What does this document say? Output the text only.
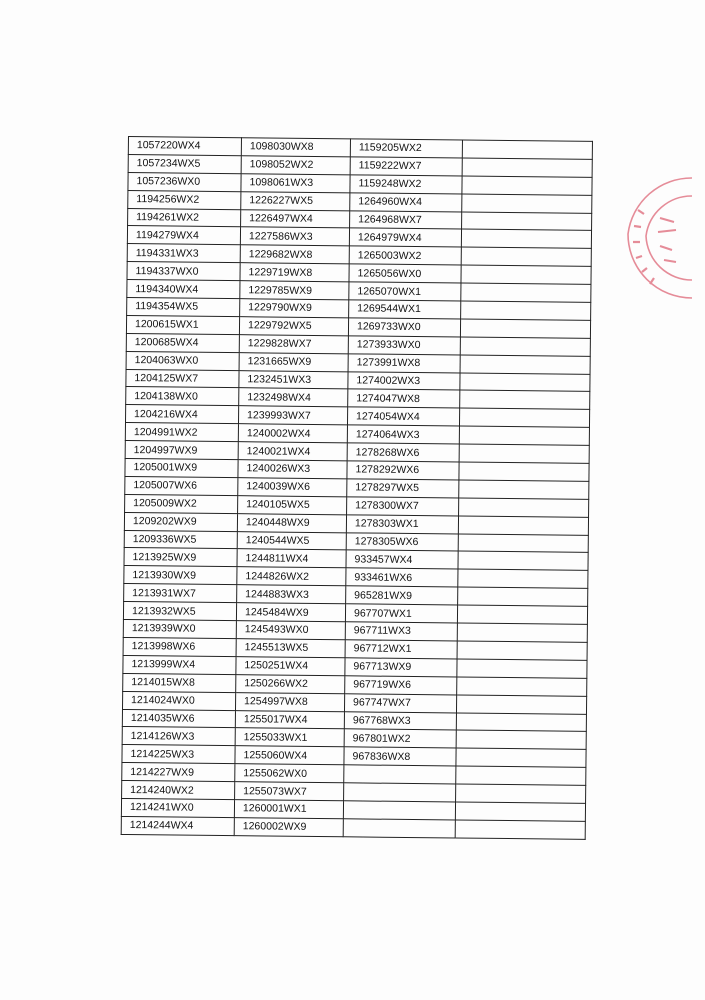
1057220WX4	1098030WX8	1159205WX2	
1057234WX5	1098052WX2	1159222WX7	
1057236WX0	1098061WX3	1159248WX2	
1194256WX2	1226227WX5	1264960WX4	
1194261WX2	1226497WX4	1264968WX7	
1194279WX4	1227586WX3	1264979WX4	
1194331WX3	1229682WX8	1265003WX2	
1194337WX0	1229719WX8	1265056WX0	
1194340WX4	1229785WX9	1265070WX1	
1194354WX5	1229790WX9	1269544WX1	
1200615WX1	1229792WX5	1269733WX0	
1200685WX4	1229828WX7	1273933WX0	
1204063WX0	1231665WX9	1273991WX8	
1204125WX7	1232451WX3	1274002WX3	
1204138WX0	1232498WX4	1274047WX8	
1204216WX4	1239993WX7	1274054WX4	
1204991WX2	1240002WX4	1274064WX3	
1204997WX9	1240021WX4	1278268WX6	
1205001WX9	1240026WX3	1278292WX6	
1205007WX6	1240039WX6	1278297WX5	
1205009WX2	1240105WX5	1278300WX7	
1209202WX9	1240448WX9	1278303WX1	
1209336WX5	1240544WX5	1278305WX6	
1213925WX9	1244811WX4	933457WX4	
1213930WX9	1244826WX2	933461WX6	
1213931WX7	1244883WX3	965281WX9	
1213932WX5	1245484WX9	967707WX1	
1213939WX0	1245493WX0	967711WX3	
1213998WX6	1245513WX5	967712WX1	
1213999WX4	1250251WX4	967713WX9	
1214015WX8	1250266WX2	967719WX6	
1214024WX0	1254997WX8	967747WX7	
1214035WX6	1255017WX4	967768WX3	
1214126WX3	1255033WX1	967801WX2	
1214225WX3	1255060WX4	967836WX8	
1214227WX9	1255062WX0		
1214240WX2	1255073WX7		
1214241WX0	1260001WX1		
1214244WX4	1260002WX9		
